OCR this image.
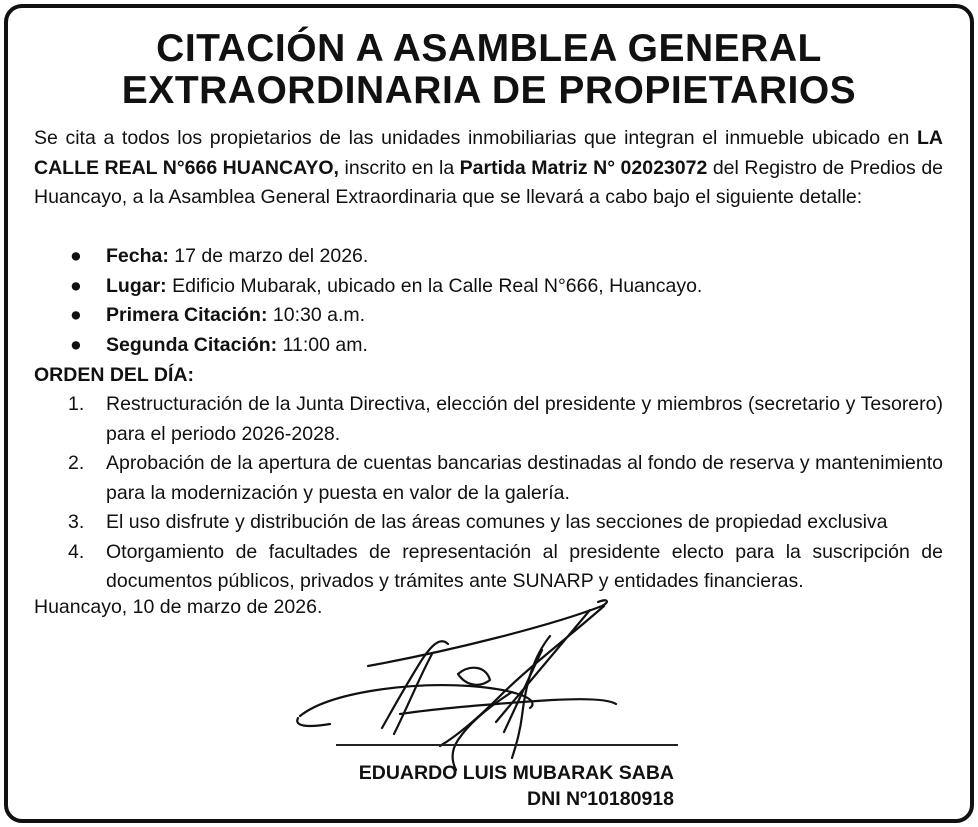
CITACIÓN A ASAMBLEA GENERAL
EXTRAORDINARIA DE PROPIETARIOS
Se cita a todos los propietarios de las unidades inmobiliarias que integran el inmueble ubicado en LA CALLE REAL N°666 HUANCAYO, inscrito en la Partida Matriz N° 02023072 del Registro de Predios de Huancayo, a la Asamblea General Extraordinaria que se llevará a cabo bajo el siguiente detalle:
● Fecha: 17 de marzo del 2026.
● Lugar: Edificio Mubarak, ubicado en la Calle Real N°666, Huancayo.
● Primera Citación: 10:30 a.m.
● Segunda Citación: 11:00 am.
ORDEN DEL DÍA:
1. Restructuración de la Junta Directiva, elección del presidente y miembros (secretario y Tesorero) para el periodo 2026-2028.
2. Aprobación de la apertura de cuentas bancarias destinadas al fondo de reserva y mantenimiento para la modernización y puesta en valor de la galería.
3. El uso disfrute y distribución de las áreas comunes y las secciones de propiedad exclusiva
4. Otorgamiento de facultades de representación al presidente electo para la suscripción de documentos públicos, privados y trámites ante SUNARP y entidades financieras.
Huancayo, 10 de marzo de 2026.
EDUARDO LUIS MUBARAK SABA
DNI Nº10180918
